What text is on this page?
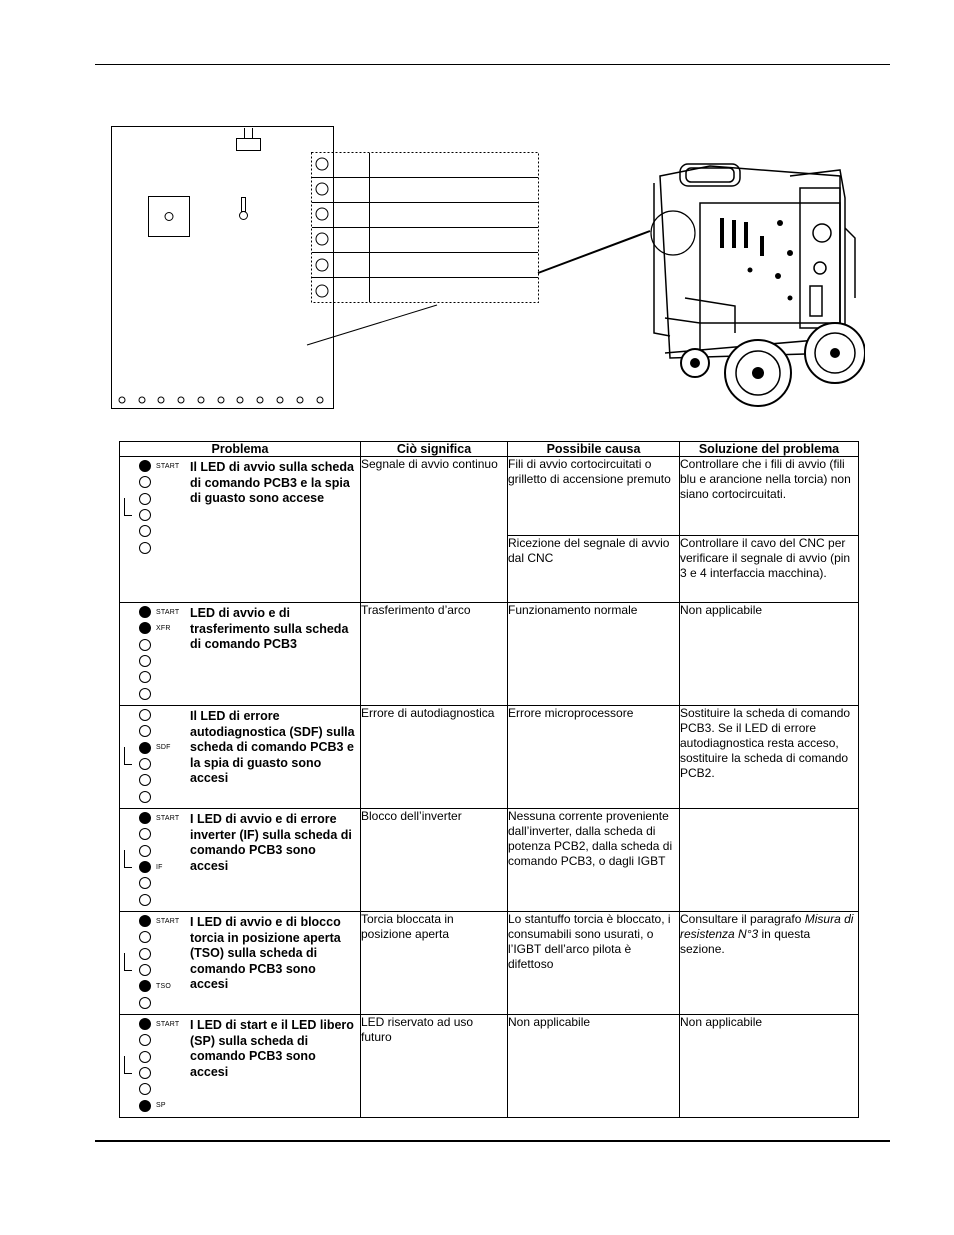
Problema	Ciò significa	Possibile causa	Soluzione del problema

START Il LED di avvio sulla scheda di comando PCB3 e la spia di guasto sono accese	Segnale di avvio continuo	Fili di avvio cortocircuitati o grilletto di accensione premuto	Controllare che i fili di avvio (fili blu e arancione nella torcia) non siano cortocircuitati.
		Ricezione del segnale di avvio dal CNC	Controllare il cavo del CNC per verificare il segnale di avvio (pin 3 e 4 interfaccia macchina).

START
XFR
LED di avvio e di trasferimento sulla scheda di comando PCB3	Trasferimento d’arco	Funzionamento normale	Non applicabile

SDF
Il LED di errore autodiagnostica (SDF) sulla scheda di comando PCB3 e la spia di guasto sono accesi	Errore di autodiagnostica	Errore microprocessore	Sostituire la scheda di comando PCB3. Se il LED di errore autodiagnostica resta acceso, sostituire la scheda di comando PCB2.

START
IF
I LED di avvio e di errore inverter (IF) sulla scheda di comando PCB3 sono accesi	Blocco dell’inverter	Nessuna corrente proveniente dall’inverter, dalla scheda di potenza PCB2, dalla scheda di comando PCB3, o dagli IGBT	

START
TSO
I LED di avvio e di blocco torcia in posizione aperta (TSO) sulla scheda di comando PCB3 sono accesi	Torcia bloccata in posizione aperta	Lo stantuffo torcia è bloccato, i consumabili sono usurati, o l’IGBT dell’arco pilota è difettoso	Consultare il paragrafo Misura di resistenza N°3 in questa sezione.

START
SP
I LED di start e il LED libero (SP) sulla scheda di comando PCB3 sono accesi	LED riservato ad uso futuro	Non applicabile	Non applicabile
